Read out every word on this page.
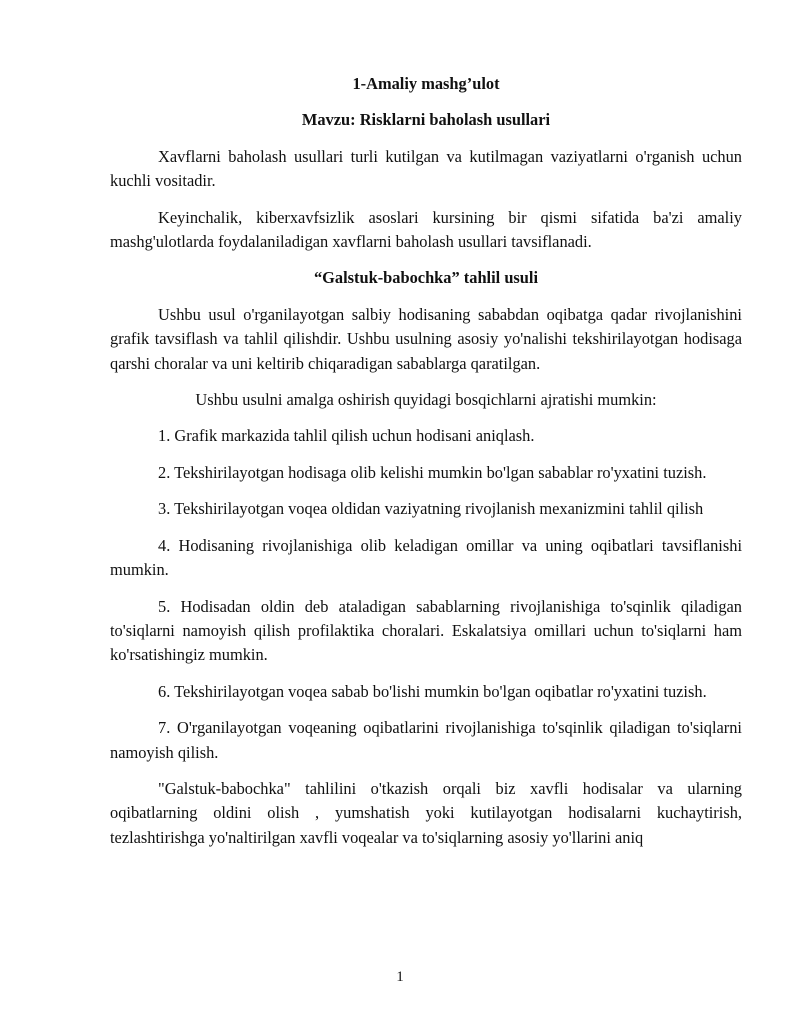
1-Amaliy mashg’ulot

Mavzu: Risklarni baholash usullari

Xavflarni baholash usullari turli kutilgan va kutilmagan vaziyatlarni o'rganish uchun kuchli vositadir.

Keyinchalik, kiberxavfsizlik asoslari kursining bir qismi sifatida ba'zi amaliy mashg'ulotlarda foydalaniladigan xavflarni baholash usullari tavsiflanadi.

“Galstuk-babochka” tahlil usuli

Ushbu usul o'rganilayotgan salbiy hodisaning sababdan oqibatga qadar rivojlanishini grafik tavsiflash va tahlil qilishdir. Ushbu usulning asosiy yo'nalishi tekshirilayotgan hodisaga qarshi choralar va uni keltirib chiqaradigan sabablarga qaratilgan.

Ushbu usulni amalga oshirish quyidagi bosqichlarni ajratishi mumkin:

1. Grafik markazida tahlil qilish uchun hodisani aniqlash.

2. Tekshirilayotgan hodisaga olib kelishi mumkin bo'lgan sabablar ro'yxatini tuzish.

3. Tekshirilayotgan voqea oldidan vaziyatning rivojlanish mexanizmini tahlil qilish

4. Hodisaning rivojlanishiga olib keladigan omillar va uning oqibatlari tavsiflanishi mumkin.

5. Hodisadan oldin deb ataladigan sabablarning rivojlanishiga to'sqinlik qiladigan to'siqlarni namoyish qilish profilaktika choralari. Eskalatsiya omillari uchun to'siqlarni ham ko'rsatishingiz mumkin.

6. Tekshirilayotgan voqea sabab bo'lishi mumkin bo'lgan oqibatlar ro'yxatini tuzish.

7. O'rganilayotgan voqeaning oqibatlarini rivojlanishiga to'sqinlik qiladigan to'siqlarni namoyish qilish.

"Galstuk-babochka" tahlilini o'tkazish orqali biz xavfli hodisalar va ularning oqibatlarning oldini olish , yumshatish yoki kutilayotgan hodisalarni kuchaytirish, tezlashtirishga yo'naltirilgan xavfli voqealar va to'siqlarning asosiy yo'llarini aniq

1
